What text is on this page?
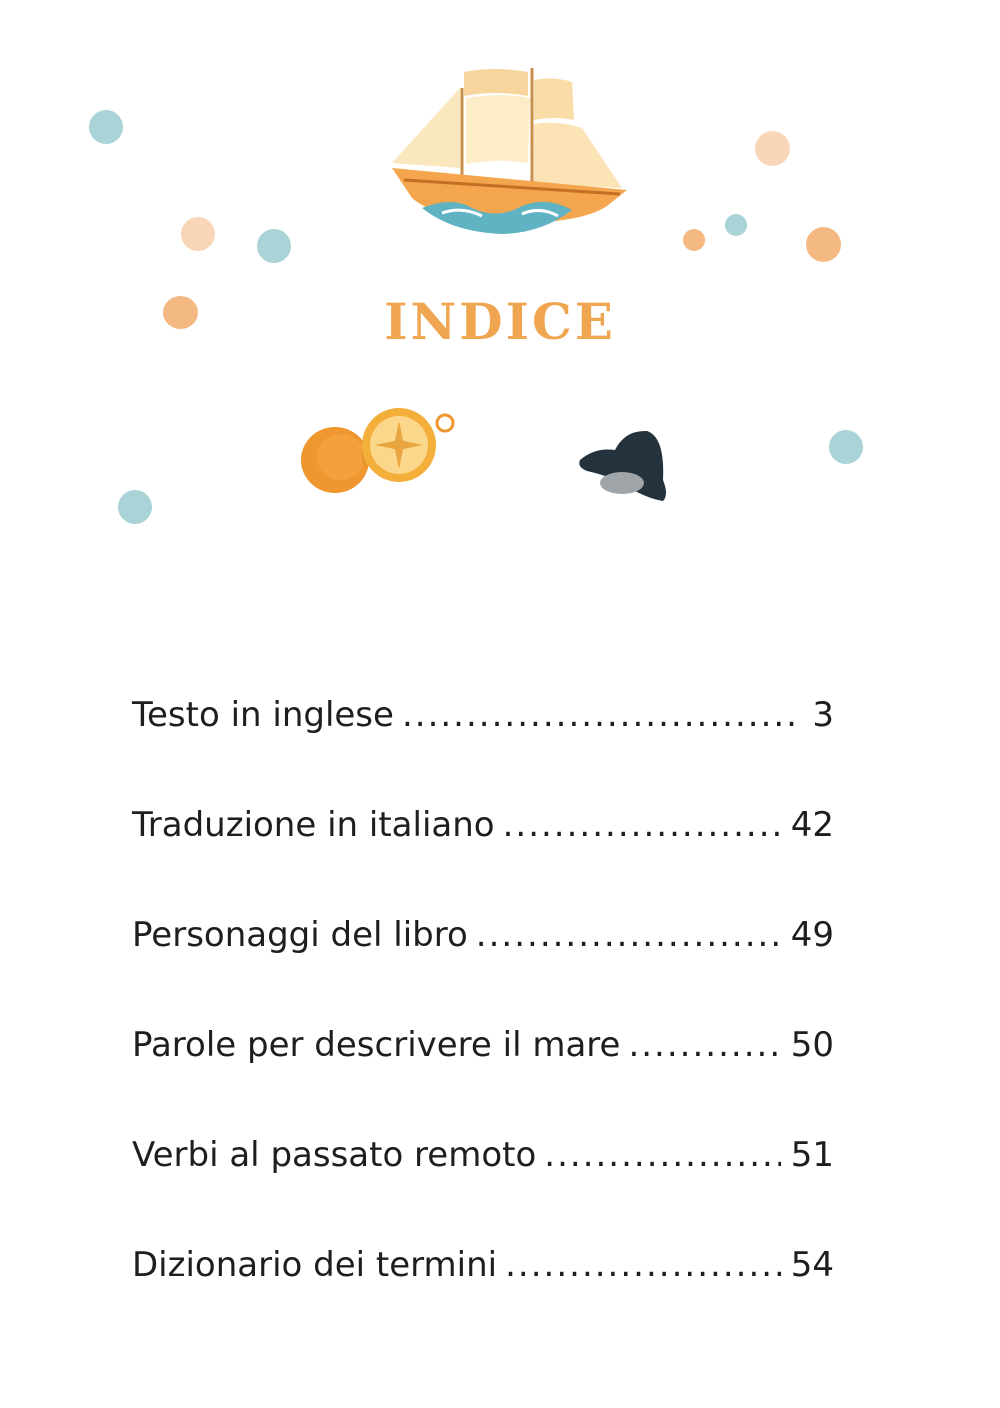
INDICE
Testo in inglese .....	3
Traduzione in italiano .....	42
Personaggi del libro .....	49
Parole per descrivere il mare .....	50
Verbi al passato remoto .....	51
Dizionario dei termini .....	54
